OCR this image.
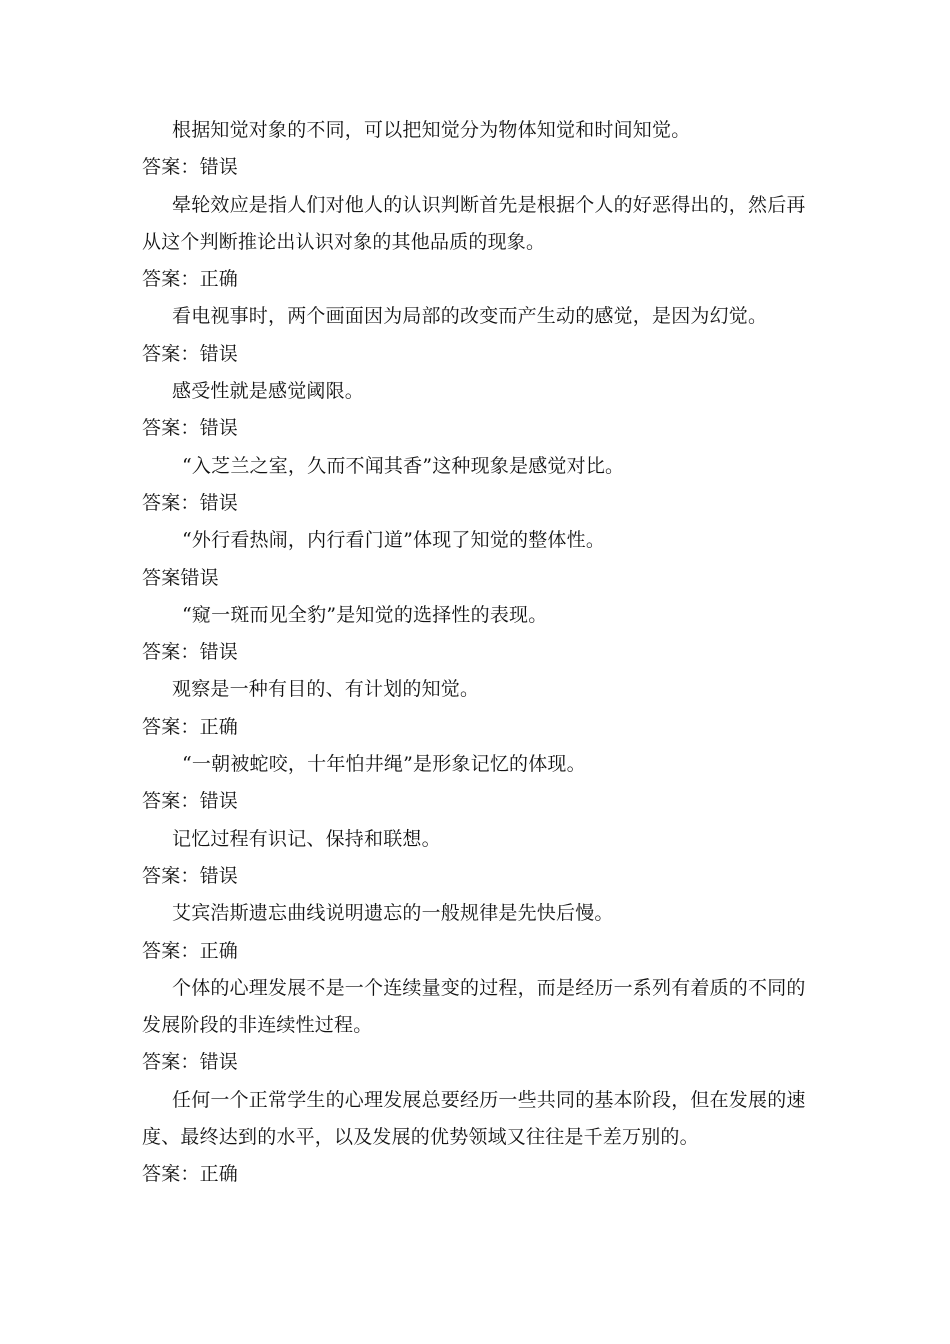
根据知觉对象的不同，可以把知觉分为物体知觉和时间知觉。
答案：错误
晕轮效应是指人们对他人的认识判断首先是根据个人的好恶得出的，然后再
从这个判断推论出认识对象的其他品质的现象。
答案：正确
看电视事时，两个画面因为局部的改变而产生动的感觉，是因为幻觉。
答案：错误
感受性就是感觉阈限。
答案：错误
“入芝兰之室，久而不闻其香”这种现象是感觉对比。
答案：错误
“外行看热闹，内行看门道”体现了知觉的整体性。
答案错误
“窥一斑而见全豹”是知觉的选择性的表现。
答案：错误
观察是一种有目的、有计划的知觉。
答案：正确
“一朝被蛇咬，十年怕井绳”是形象记忆的体现。
答案：错误
记忆过程有识记、保持和联想。
答案：错误
艾宾浩斯遗忘曲线说明遗忘的一般规律是先快后慢。
答案：正确
个体的心理发展不是一个连续量变的过程，而是经历一系列有着质的不同的
发展阶段的非连续性过程。
答案：错误
任何一个正常学生的心理发展总要经历一些共同的基本阶段，但在发展的速
度、最终达到的水平，以及发展的优势领域又往往是千差万别的。
答案：正确
